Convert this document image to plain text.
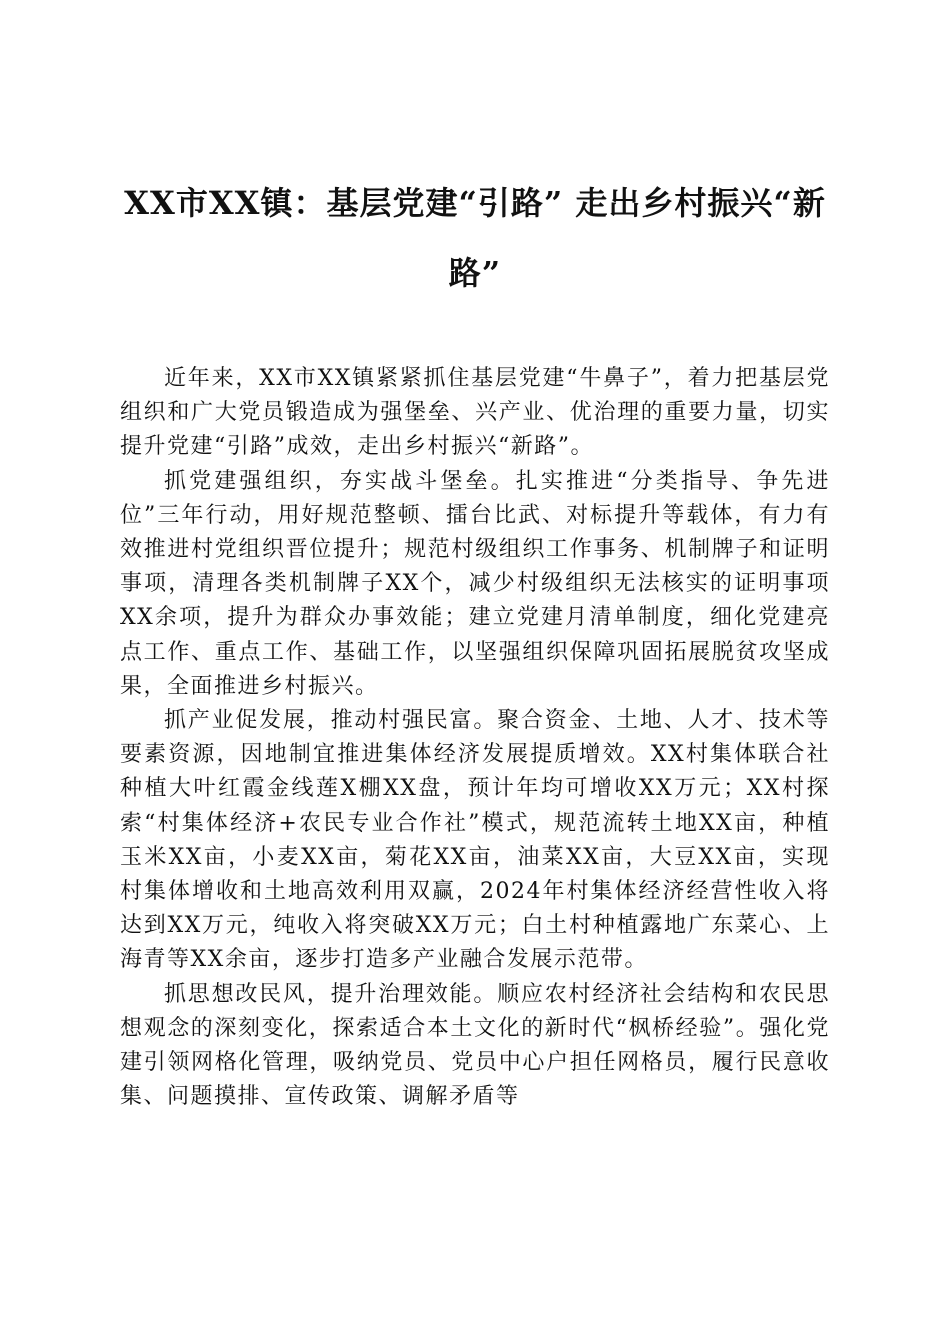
XX市XX镇：基层党建“引路” 走出乡村振兴“新路”

近年来，XX市XX镇紧紧抓住基层党建“牛鼻子”，着力把基层党组织和广大党员锻造成为强堡垒、兴产业、优治理的重要力量，切实提升党建“引路”成效，走出乡村振兴“新路”。

抓党建强组织，夯实战斗堡垒。扎实推进“分类指导、争先进位”三年行动，用好规范整顿、擂台比武、对标提升等载体，有力有效推进村党组织晋位提升；规范村级组织工作事务、机制牌子和证明事项，清理各类机制牌子XX个，减少村级组织无法核实的证明事项XX余项，提升为群众办事效能；建立党建月清单制度，细化党建亮点工作、重点工作、基础工作，以坚强组织保障巩固拓展脱贫攻坚成果，全面推进乡村振兴。

抓产业促发展，推动村强民富。聚合资金、土地、人才、技术等要素资源，因地制宜推进集体经济发展提质增效。XX村集体联合社种植大叶红霞金线莲X棚XX盘，预计年均可增收XX万元；XX村探索“村集体经济+农民专业合作社”模式，规范流转土地XX亩，种植玉米XX亩，小麦XX亩，菊花XX亩，油菜XX亩，大豆XX亩，实现村集体增收和土地高效利用双赢，2024年村集体经济经营性收入将达到XX万元，纯收入将突破XX万元；白土村种植露地广东菜心、上海青等XX余亩，逐步打造多产业融合发展示范带。

抓思想改民风，提升治理效能。顺应农村经济社会结构和农民思想观念的深刻变化，探索适合本土文化的新时代“枫桥经验”。强化党建引领网格化管理，吸纳党员、党员中心户担任网格员，履行民意收集、问题摸排、宣传政策、调解矛盾等
